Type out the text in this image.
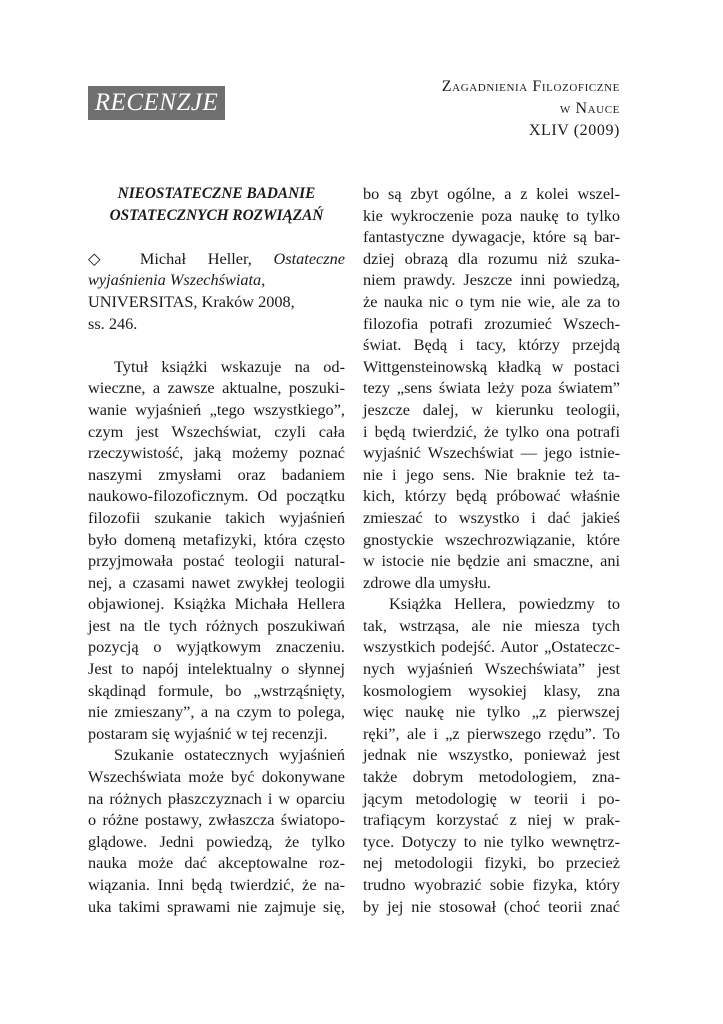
RECENZJE
Zagadnienia Filozoficzne
w Nauce
XLIV (2009)
NIEOSTATECZNE BADANIE
OSTATECZNYCH ROZWIĄZAŃ
◇ Michał Heller, Ostateczne
wyjaśnienia Wszechświata,
UNIVERSITAS, Kraków 2008,
ss. 246.
Tytuł książki wskazuje na od-
wieczne, a zawsze aktualne, poszuki-
wanie wyjaśnień „tego wszystkiego”,
czym jest Wszechświat, czyli cała
rzeczywistość, jaką możemy poznać
naszymi zmysłami oraz badaniem
naukowo-filozoficznym. Od początku
filozofii szukanie takich wyjaśnień
było domeną metafizyki, która często
przyjmowała postać teologii natural-
nej, a czasami nawet zwykłej teologii
objawionej. Książka Michała Hellera
jest na tle tych różnych poszukiwań
pozycją o wyjątkowym znaczeniu.
Jest to napój intelektualny o słynnej
skądinąd formule, bo „wstrząśnięty,
nie zmieszany”, a na czym to polega,
postaram się wyjaśnić w tej recenzji.
Szukanie ostatecznych wyjaśnień
Wszechświata może być dokonywane
na różnych płaszczyznach i w oparciu
o różne postawy, zwłaszcza światopo-
glądowe. Jedni powiedzą, że tylko
nauka może dać akceptowalne roz-
wiązania. Inni będą twierdzić, że na-
uka takimi sprawami nie zajmuje się,
bo są zbyt ogólne, a z kolei wszel-
kie wykroczenie poza naukę to tylko
fantastyczne dywagacje, które są bar-
dziej obrazą dla rozumu niż szuka-
niem prawdy. Jeszcze inni powiedzą,
że nauka nic o tym nie wie, ale za to
filozofia potrafi zrozumieć Wszech-
świat. Będą i tacy, którzy przejdą
Wittgensteinowską kładką w postaci
tezy „sens świata leży poza światem”
jeszcze dalej, w kierunku teologii,
i będą twierdzić, że tylko ona potrafi
wyjaśnić Wszechświat — jego istnie-
nie i jego sens. Nie braknie też ta-
kich, którzy będą próbować właśnie
zmieszać to wszystko i dać jakieś
gnostyckie wszechrozwiązanie, które
w istocie nie będzie ani smaczne, ani
zdrowe dla umysłu.
Książka Hellera, powiedzmy to
tak, wstrząsa, ale nie miesza tych
wszystkich podejść. Autor „Ostateczc-
nych wyjaśnień Wszechświata” jest
kosmologiem wysokiej klasy, zna
więc naukę nie tylko „z pierwszej
ręki”, ale i „z pierwszego rzędu”. To
jednak nie wszystko, ponieważ jest
także dobrym metodologiem, zna-
jącym metodologię w teorii i po-
trafiącym korzystać z niej w prak-
tyce. Dotyczy to nie tylko wewnętrz-
nej metodologii fizyki, bo przecież
trudno wyobrazić sobie fizyka, który
by jej nie stosował (choć teorii znać
